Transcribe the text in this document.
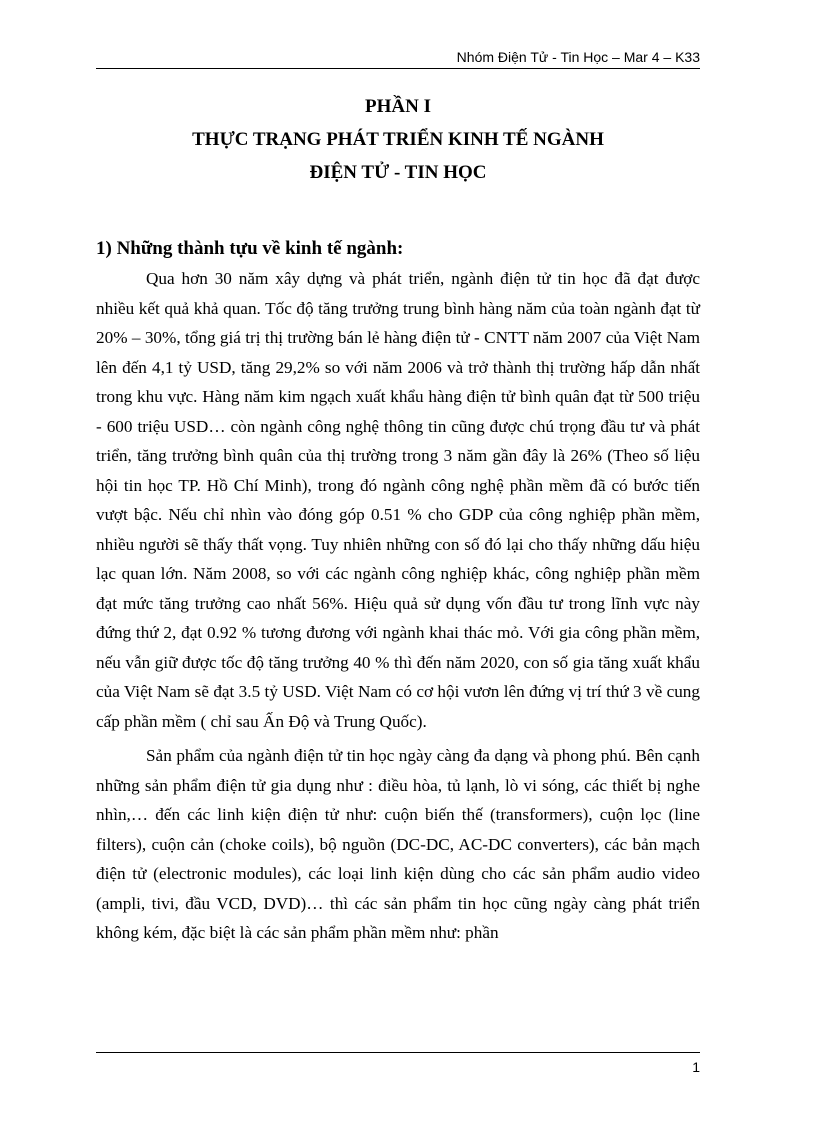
Nhóm Điện Tử - Tin Học – Mar 4 – K33
PHẦN I
THỰC TRẠNG PHÁT TRIỂN KINH TẾ NGÀNH
ĐIỆN TỬ - TIN HỌC
1) Những thành tựu về kinh tế ngành:

Qua hơn 30 năm xây dựng và phát triển, ngành điện tử tin học đã đạt được nhiều kết quả khả quan. Tốc độ tăng trưởng trung bình hàng năm của toàn ngành đạt từ 20% – 30%, tổng giá trị thị trường bán lẻ hàng điện tử - CNTT năm 2007 của Việt Nam lên đến 4,1 tỷ USD, tăng 29,2% so với năm 2006 và trở thành thị trường hấp dẫn nhất trong khu vực. Hàng năm kim ngạch xuất khẩu hàng điện tử bình quân đạt từ 500 triệu - 600 triệu USD… còn ngành công nghệ thông tin cũng được chú trọng đầu tư và phát triển, tăng trưởng bình quân của thị trường trong 3 năm gần đây là 26% (Theo số liệu hội tin học TP. Hồ Chí Minh), trong đó ngành công nghệ phần mềm đã có bước tiến vượt bậc. Nếu chỉ nhìn vào đóng góp 0.51 % cho GDP của công nghiệp phần mềm, nhiều người sẽ thấy thất vọng. Tuy nhiên những con số đó lại cho thấy những dấu hiệu lạc quan lớn. Năm 2008, so với các ngành công nghiệp khác, công nghiệp phần mềm đạt mức tăng trưởng cao nhất 56%. Hiệu quả sử dụng vốn đầu tư trong lĩnh vực này đứng thứ 2, đạt 0.92 % tương đương với ngành khai thác mỏ. Với gia công phần mềm, nếu vẫn giữ được tốc độ tăng trưởng 40 % thì đến năm 2020, con số gia tăng xuất khẩu của Việt Nam sẽ đạt 3.5 tỷ USD. Việt Nam có cơ hội vươn lên đứng vị trí thứ 3 về cung cấp phần mềm ( chỉ sau Ấn Độ và Trung Quốc).

Sản phẩm của ngành điện tử tin học ngày càng đa dạng và phong phú. Bên cạnh những sản phẩm điện tử gia dụng như : điều hòa, tủ lạnh, lò vi sóng, các thiết bị nghe nhìn,… đến các linh kiện điện tử như: cuộn biến thế (transformers), cuộn lọc (line filters), cuộn cản (choke coils), bộ nguồn (DC-DC, AC-DC converters), các bản mạch điện tử (electronic modules), các loại linh kiện dùng cho các sản phẩm audio video (ampli, tivi, đầu VCD, DVD)… thì các sản phẩm tin học cũng ngày càng phát triển không kém, đặc biệt là các sản phẩm phần mềm như: phần

1
